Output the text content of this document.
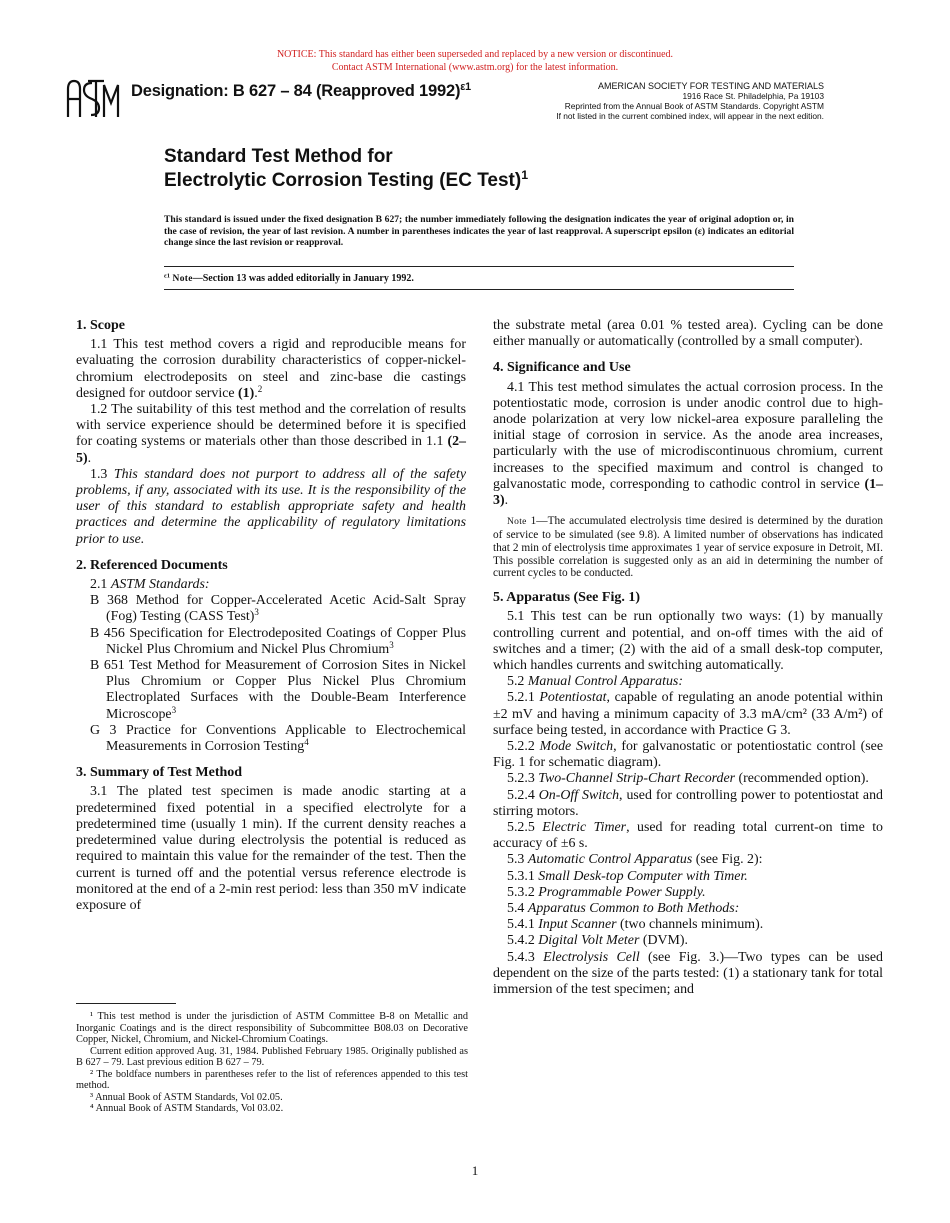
NOTICE: This standard has either been superseded and replaced by a new version or discontinued.
Contact ASTM International (www.astm.org) for the latest information.
Designation: B 627 – 84 (Reapproved 1992)$^{\varepsilon 1}$	AMERICAN SOCIETY FOR TESTING AND MATERIALS
1916 Race St. Philadelphia, Pa 19103
Reprinted from the Annual Book of ASTM Standards. Copyright ASTM
If not listed in the current combined index, will appear in the next edition.
Standard Test Method for
Electrolytic Corrosion Testing (EC Test)$^1$
This standard is issued under the fixed designation B 627; the number immediately following the designation indicates the year of original adoption or, in the case of revision, the year of last revision. A number in parentheses indicates the year of last reapproval. A superscript epsilon (ε) indicates an editorial change since the last revision or reapproval.
$^{\varepsilon 1}$ Note—Section 13 was added editorially in January 1992.
1. Scope

1.1 This test method covers a rigid and reproducible means for evaluating the corrosion durability characteristics of copper-nickel-chromium electrodeposits on steel and zinc-base die castings designed for outdoor service (1).$^2$

1.2 The suitability of this test method and the correlation of results with service experience should be determined before it is specified for coating systems or materials other than those described in 1.1 (2–5).

1.3 This standard does not purport to address all of the safety problems, if any, associated with its use. It is the responsibility of the user of this standard to establish appropriate safety and health practices and determine the applicability of regulatory limitations prior to use.

2. Referenced Documents

2.1 ASTM Standards:

B 368 Method for Copper-Accelerated Acetic Acid-Salt Spray (Fog) Testing (CASS Test)$^3$

B 456 Specification for Electrodeposited Coatings of Copper Plus Nickel Plus Chromium and Nickel Plus Chromium$^3$

B 651 Test Method for Measurement of Corrosion Sites in Nickel Plus Chromium or Copper Plus Nickel Plus Chromium Electroplated Surfaces with the Double-Beam Interference Microscope$^3$

G 3 Practice for Conventions Applicable to Electrochemical Measurements in Corrosion Testing$^4$

3. Summary of Test Method

3.1 The plated test specimen is made anodic starting at a predetermined fixed potential in a specified electrolyte for a predetermined time (usually 1 min). If the current density reaches a predetermined value during electrolysis the potential is reduced as required to maintain this value for the remainder of the test. Then the current is turned off and the potential versus reference electrode is monitored at the end of a 2-min rest period: less than 350 mV indicate exposure of

¹ This test method is under the jurisdiction of ASTM Committee B-8 on Metallic and Inorganic Coatings and is the direct responsibility of Subcommittee B08.03 on Decorative Copper, Nickel, Chromium, and Nickel-Chromium Coatings.

Current edition approved Aug. 31, 1984. Published February 1985. Originally published as B 627 – 79. Last previous edition B 627 – 79.

² The boldface numbers in parentheses refer to the list of references appended to this test method.

³ Annual Book of ASTM Standards, Vol 02.05.

⁴ Annual Book of ASTM Standards, Vol 03.02.

the substrate metal (area 0.01 % tested area). Cycling can be done either manually or automatically (controlled by a small computer).

4. Significance and Use

4.1 This test method simulates the actual corrosion process. In the potentiostatic mode, corrosion is under anodic control due to high-anode polarization at very low nickel-area exposure paralleling the initial stage of corrosion in service. As the anode area increases, particularly with the use of microdiscontinuous chromium, current increases to the specified maximum and control is changed to galvanostatic mode, corresponding to cathodic control in service (1–3).

Note 1—The accumulated electrolysis time desired is determined by the duration of service to be simulated (see 9.8). A limited number of observations has indicated that 2 min of electrolysis time approximates 1 year of service exposure in Detroit, MI. This possible correlation is suggested only as an aid in determining the number of current cycles to be conducted.

5. Apparatus (See Fig. 1)

5.1 This test can be run optionally two ways: (1) by manually controlling current and potential, and on-off times with the aid of switches and a timer; (2) with the aid of a small desk-top computer, which handles currents and switching automatically.

5.2 Manual Control Apparatus:

5.2.1 Potentiostat, capable of regulating an anode potential within ±2 mV and having a minimum capacity of 3.3 mA/cm² (33 A/m²) of surface being tested, in accordance with Practice G 3.

5.2.2 Mode Switch, for galvanostatic or potentiostatic control (see Fig. 1 for schematic diagram).

5.2.3 Two-Channel Strip-Chart Recorder (recommended option).

5.2.4 On-Off Switch, used for controlling power to potentiostat and stirring motors.

5.2.5 Electric Timer, used for reading total current-on time to accuracy of ±6 s.

5.3 Automatic Control Apparatus (see Fig. 2):

5.3.1 Small Desk-top Computer with Timer.

5.3.2 Programmable Power Supply.

5.4 Apparatus Common to Both Methods:

5.4.1 Input Scanner (two channels minimum).

5.4.2 Digital Volt Meter (DVM).

5.4.3 Electrolysis Cell (see Fig. 3.)—Two types can be used dependent on the size of the parts tested: (1) a stationary tank for total immersion of the test specimen; and

1
